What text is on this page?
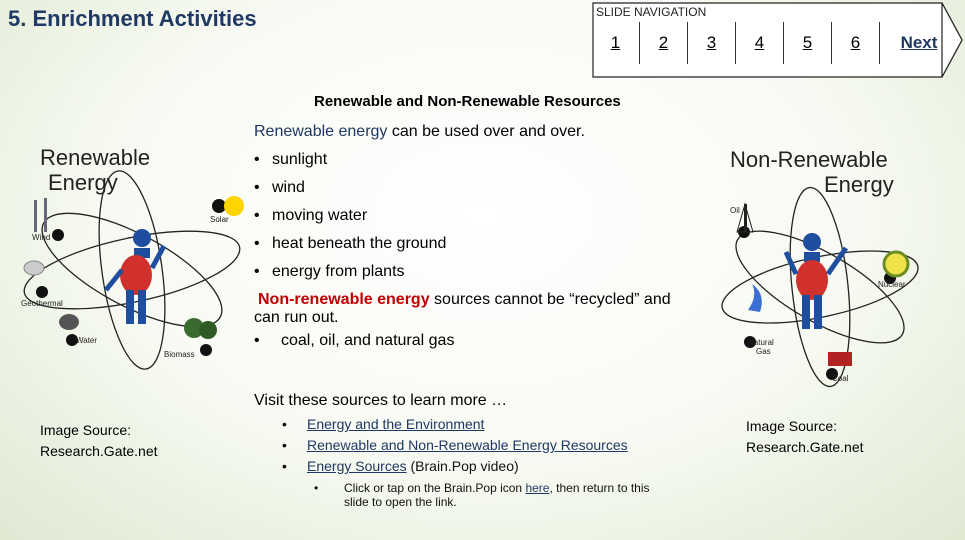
5. Enrichment Activities	SLIDE NAVIGATION
1 2 3 4 5 6 Next
Renewable and Non-Renewable Resources
Renewable energy can be used over and over.
• sunlight
• wind
• moving water
• heat beneath the ground
• energy from plants
Non-renewable energy sources cannot be “recycled” and
can run out.
• coal, oil, and natural gas
Visit these sources to learn more …
• Energy and the Environment
• Renewable and Non-Renewable Energy Resources
• Energy Sources (Brain.Pop video)
•	Click or tap on the Brain.Pop icon here, then return to this
slide to open the link.
Renewable
Energy
Solar
Wind
Geothermal
Water
Biomass
Image Source:
Research.Gate.net
Non-Renewable
Energy
Oil
Nuclear
Natural
Gas
Coal
Image Source:
Research.Gate.net
